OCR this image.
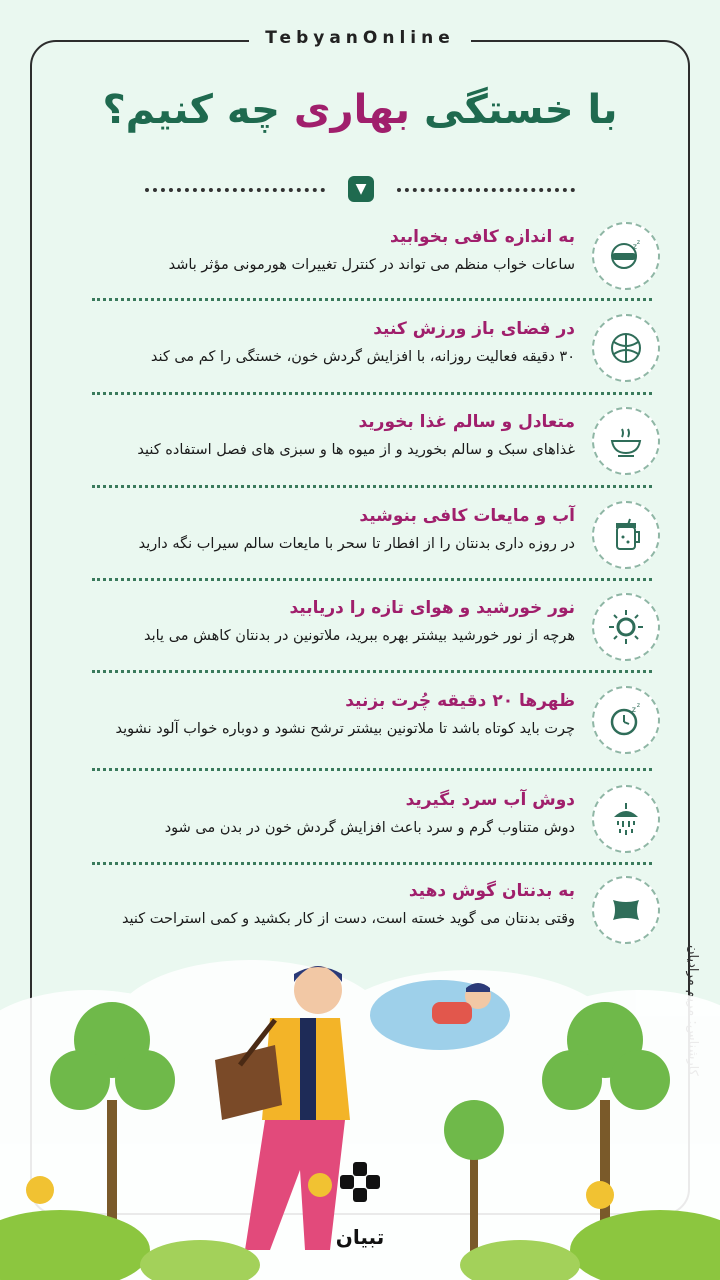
TebyanOnline
با خستگی بهاری چه کنیم؟
▼
z z
به اندازه کافی بخوابید
ساعات خواب منظم می تواند در کنترل تغییرات هورمونی مؤثر باشد
در فضای باز ورزش کنید
۳۰ دقیقه فعالیت روزانه، با افزایش گردش خون، خستگی را کم می کند
متعادل و سالم غذا بخورید
غذاهای سبک و سالم بخورید و از میوه ها و سبزی های فصل استفاده کنید
آب و مایعات کافی بنوشید
در روزه داری بدنتان را از افطار تا سحر با مایعات سالم سیراب نگه دارید
نور خورشید و هوای تازه را دریابید
هرچه از نور خورشید بیشتر بهره ببرید، ملاتونین در بدنتان کاهش می یابد
z z
ظهرها ۲۰ دقیقه چُرت بزنید
چرت باید کوتاه باشد تا ملاتونین بیشتر ترشح نشود و دوباره خواب آلود نشوید
دوش آب سرد بگیرید
دوش متناوب گرم و سرد باعث افزایش گردش خون در بدن می شود
به بدنتان گوش دهید
وقتی بدنتان می گوید خسته است، دست از کار بکشید و کمی استراحت کنید
تبیان
